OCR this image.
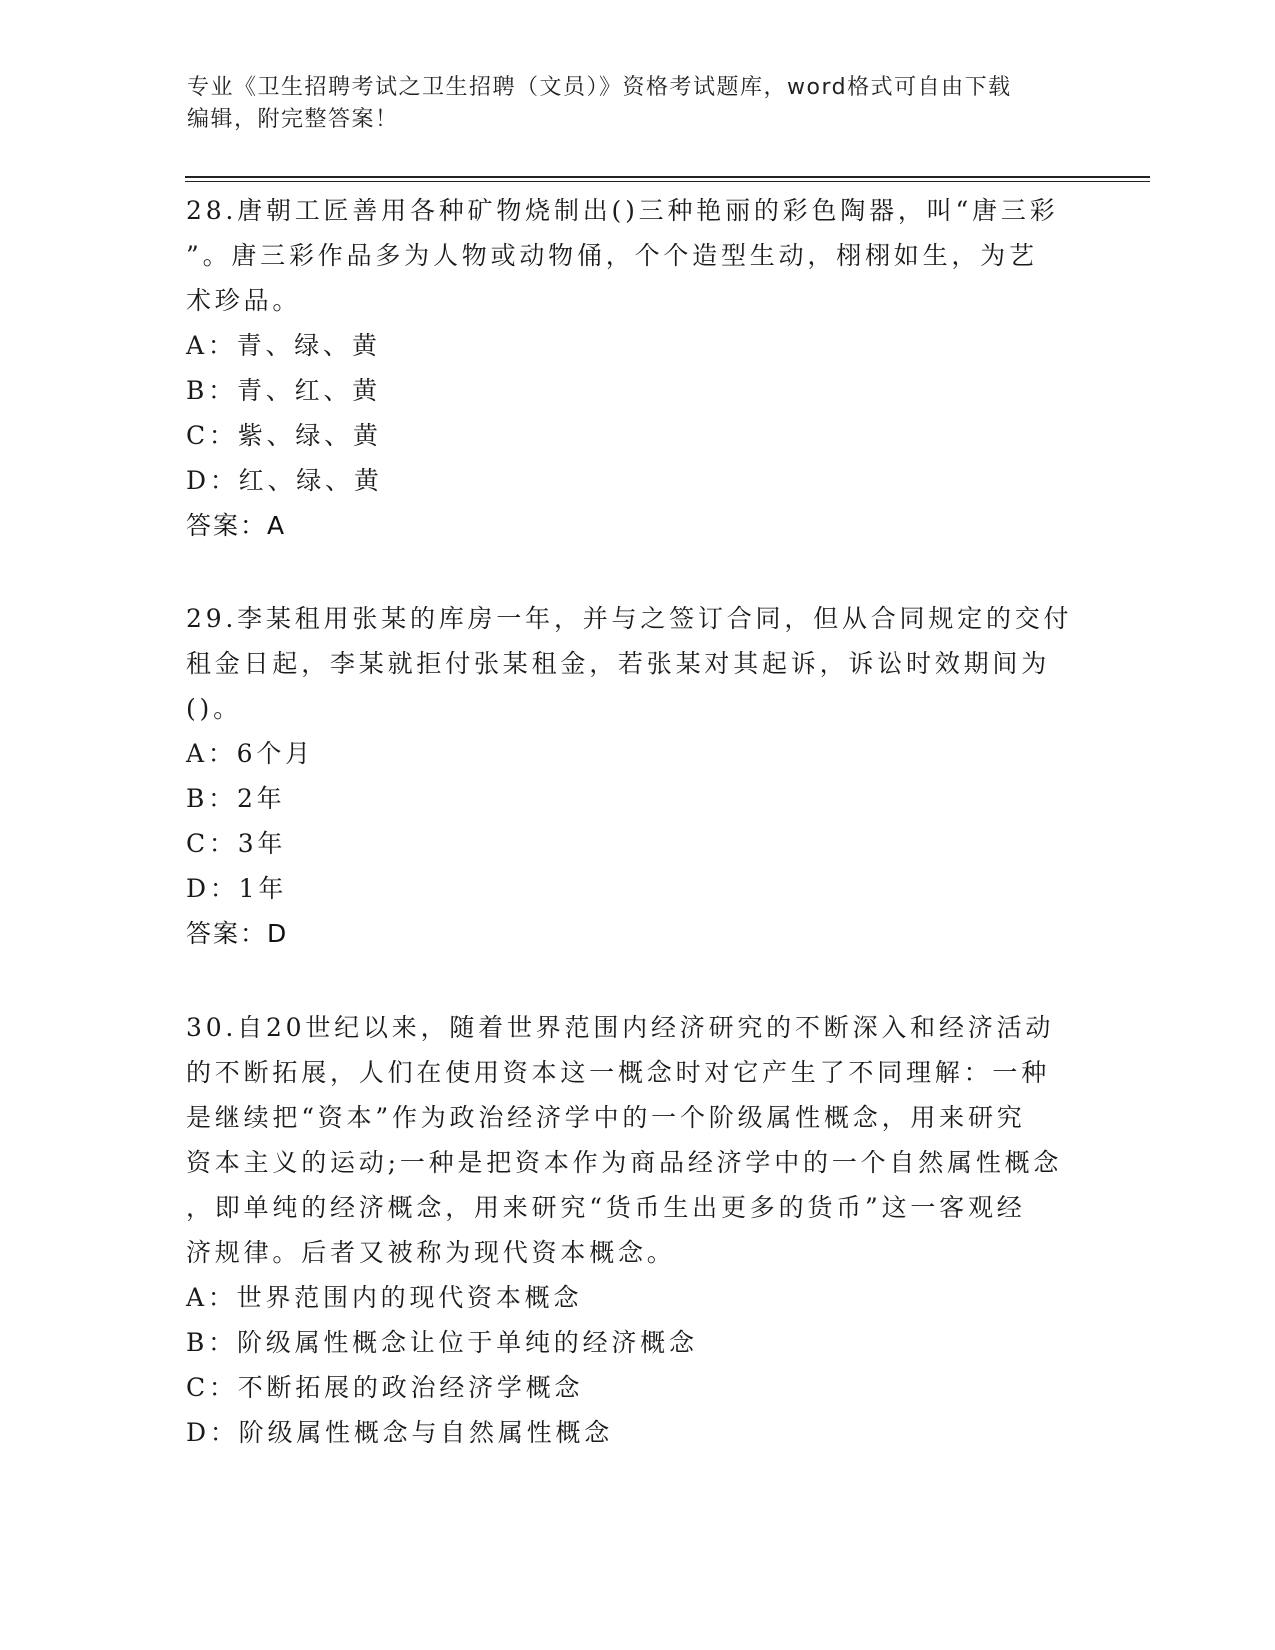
专业《卫生招聘考试之卫生招聘（文员）》资格考试题库，word格式可自由下载

编辑，附完整答案！

28.唐朝工匠善用各种矿物烧制出()三种艳丽的彩色陶器，叫“唐三彩

”。唐三彩作品多为人物或动物俑，个个造型生动，栩栩如生，为艺

术珍品。

A：青、绿、黄

B：青、红、黄

C：紫、绿、黄

D：红、绿、黄

答案：A

29.李某租用张某的库房一年，并与之签订合同，但从合同规定的交付

租金日起，李某就拒付张某租金，若张某对其起诉，诉讼时效期间为

()。

A：6个月

B：2年

C：3年

D：1年

答案：D

30.自20世纪以来，随着世界范围内经济研究的不断深入和经济活动

的不断拓展，人们在使用资本这一概念时对它产生了不同理解：一种

是继续把“资本”作为政治经济学中的一个阶级属性概念，用来研究

资本主义的运动;一种是把资本作为商品经济学中的一个自然属性概念

，即单纯的经济概念，用来研究“货币生出更多的货币”这一客观经

济规律。后者又被称为现代资本概念。

A：世界范围内的现代资本概念

B：阶级属性概念让位于单纯的经济概念

C：不断拓展的政治经济学概念

D：阶级属性概念与自然属性概念
